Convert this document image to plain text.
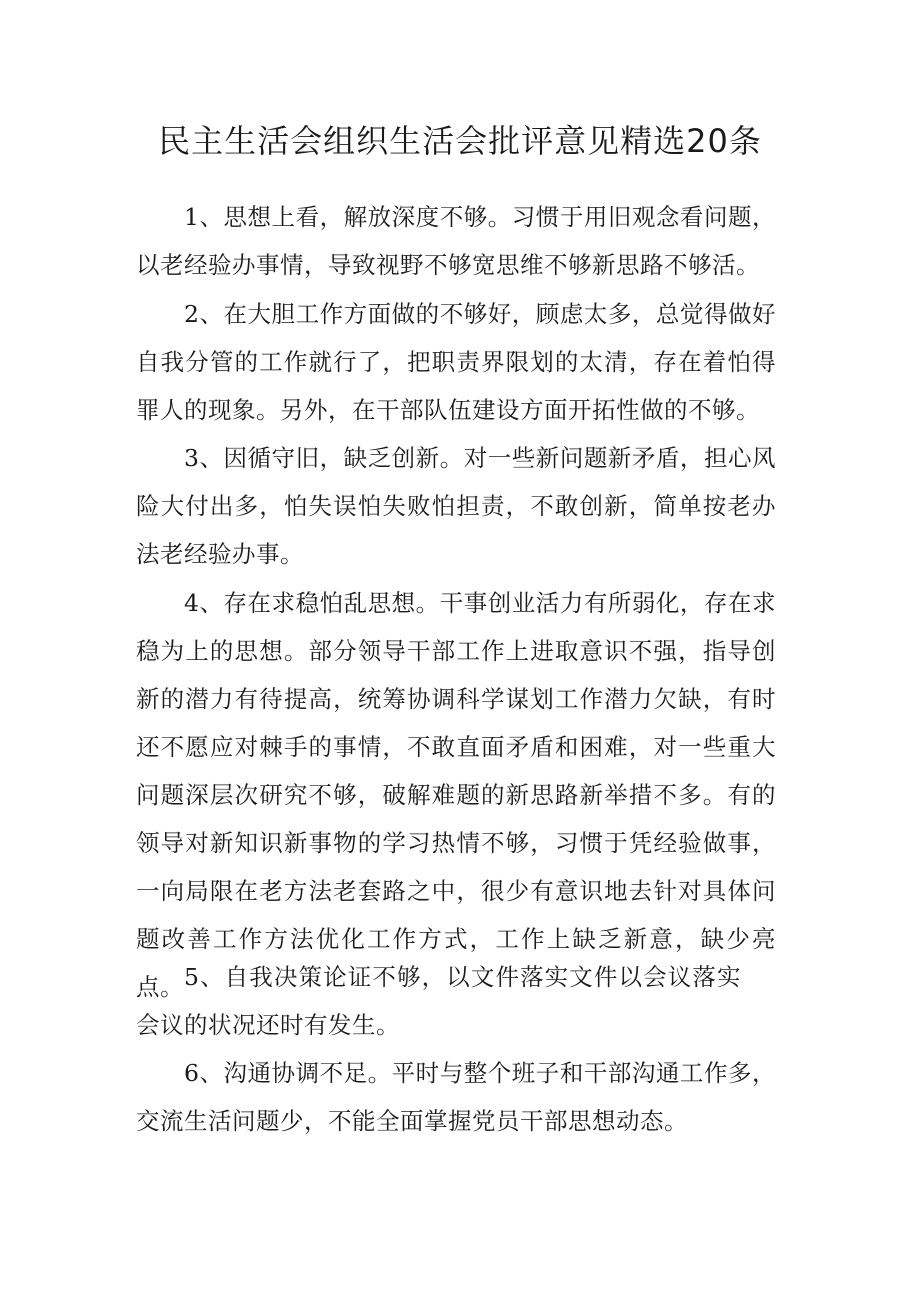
民主生活会组织生活会批评意见精选20条
1、思想上看，解放深度不够。习惯于用旧观念看问题，以老经验办事情，导致视野不够宽思维不够新思路不够活。
2、在大胆工作方面做的不够好，顾虑太多，总觉得做好自我分管的工作就行了，把职责界限划的太清，存在着怕得罪人的现象。另外，在干部队伍建设方面开拓性做的不够。
3、因循守旧，缺乏创新。对一些新问题新矛盾，担心风险大付出多，怕失误怕失败怕担责，不敢创新，简单按老办法老经验办事。
4、存在求稳怕乱思想。干事创业活力有所弱化，存在求稳为上的思想。部分领导干部工作上进取意识不强，指导创新的潜力有待提高，统筹协调科学谋划工作潜力欠缺，有时还不愿应对棘手的事情，不敢直面矛盾和困难，对一些重大问题深层次研究不够，破解难题的新思路新举措不多。有的领导对新知识新事物的学习热情不够，习惯于凭经验做事，一向局限在老方法老套路之中，很少有意识地去针对具体问题改善工作方法优化工作方式，工作上缺乏新意，缺少亮点。 5、自我决策论证不够，以文件落实文件以会议落实会议的状况还时有发生。
6、沟通协调不足。平时与整个班子和干部沟通工作多，交流生活问题少，不能全面掌握党员干部思想动态。
